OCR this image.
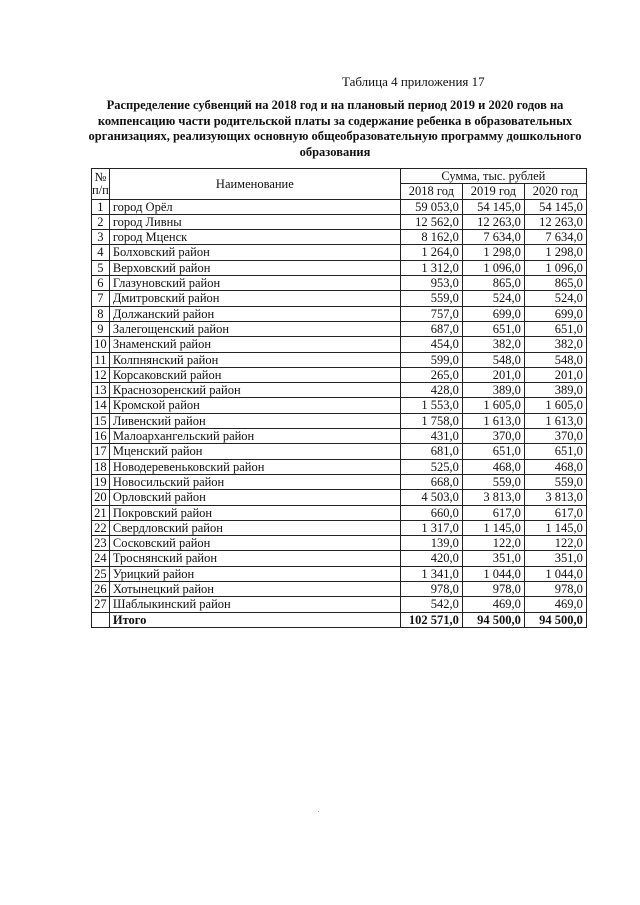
Таблица 4 приложения 17
Распределение субвенций на 2018 год и на плановый период 2019 и 2020 годов на компенсацию части родительской платы за содержание ребенка в образовательных организациях, реализующих основную общеобразовательную программу дошкольного образования
№
п/п	Наименование	Сумма, тыс. рублей		
		2018 год	2019 год	2020 год
1	город Орёл	59 053,0	54 145,0	54 145,0
2	город Ливны	12 562,0	12 263,0	12 263,0
3	город Мценск	8 162,0	7 634,0	7 634,0
4	Болховский район	1 264,0	1 298,0	1 298,0
5	Верховский район	1 312,0	1 096,0	1 096,0
6	Глазуновский район	953,0	865,0	865,0
7	Дмитровский район	559,0	524,0	524,0
8	Должанский район	757,0	699,0	699,0
9	Залегощенский район	687,0	651,0	651,0
10	Знаменский район	454,0	382,0	382,0
11	Колпнянский район	599,0	548,0	548,0
12	Корсаковский район	265,0	201,0	201,0
13	Краснозоренский район	428,0	389,0	389,0
14	Кромской район	1 553,0	1 605,0	1 605,0
15	Ливенский район	1 758,0	1 613,0	1 613,0
16	Малоархангельский район	431,0	370,0	370,0
17	Мценский район	681,0	651,0	651,0
18	Новодеревеньковский район	525,0	468,0	468,0
19	Новосильский район	668,0	559,0	559,0
20	Орловский район	4 503,0	3 813,0	3 813,0
21	Покровский район	660,0	617,0	617,0
22	Свердловский район	1 317,0	1 145,0	1 145,0
23	Сосковский район	139,0	122,0	122,0
24	Троснянский район	420,0	351,0	351,0
25	Урицкий район	1 341,0	1 044,0	1 044,0
26	Хотынецкий район	978,0	978,0	978,0
27	Шаблыкинский район	542,0	469,0	469,0
	Итого	102 571,0	94 500,0	94 500,0
